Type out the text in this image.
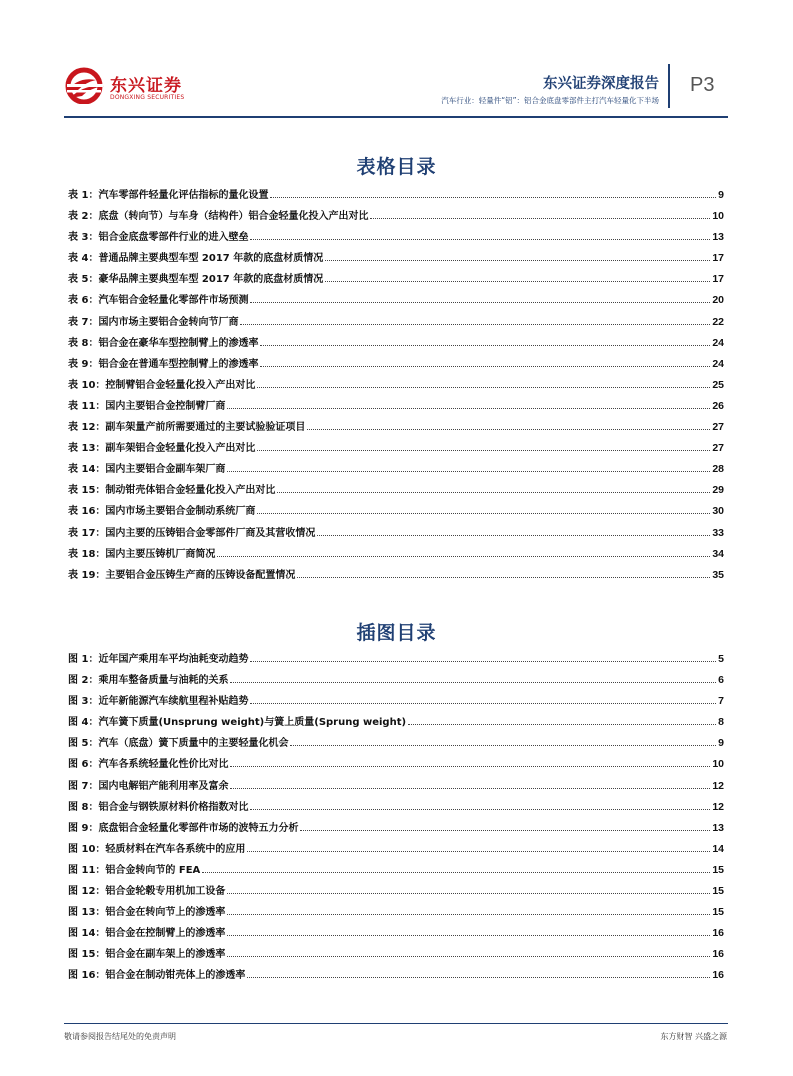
东兴证券
DONGXING SECURITIES
东兴证券深度报告
汽车行业：轻量件“铝”：铝合金底盘零部件主打汽车轻量化下半场
P3
表格目录
表 1：汽车零部件轻量化评估指标的量化设置	9
表 2：底盘（转向节）与车身（结构件）铝合金轻量化投入产出对比	10
表 3：铝合金底盘零部件行业的进入壁垒	13
表 4：普通品牌主要典型车型 2017 年款的底盘材质情况	17
表 5：豪华品牌主要典型车型 2017 年款的底盘材质情况	17
表 6：汽车铝合金轻量化零部件市场预测	20
表 7：国内市场主要铝合金转向节厂商	22
表 8：铝合金在豪华车型控制臂上的渗透率	24
表 9：铝合金在普通车型控制臂上的渗透率	24
表 10：控制臂铝合金轻量化投入产出对比	25
表 11：国内主要铝合金控制臂厂商	26
表 12：副车架量产前所需要通过的主要试验验证项目	27
表 13：副车架铝合金轻量化投入产出对比	27
表 14：国内主要铝合金副车架厂商	28
表 15：制动钳壳体铝合金轻量化投入产出对比	29
表 16：国内市场主要铝合金制动系统厂商	30
表 17：国内主要的压铸铝合金零部件厂商及其营收情况	33
表 18：国内主要压铸机厂商简况	34
表 19：主要铝合金压铸生产商的压铸设备配置情况	35
插图目录
图 1：近年国产乘用车平均油耗变动趋势	5
图 2：乘用车整备质量与油耗的关系	6
图 3：近年新能源汽车续航里程补贴趋势	7
图 4：汽车簧下质量(Unsprung weight)与簧上质量(Sprung weight)	8
图 5：汽车（底盘）簧下质量中的主要轻量化机会	9
图 6：汽车各系统轻量化性价比对比	10
图 7：国内电解铝产能利用率及富余	12
图 8：铝合金与钢铁原材料价格指数对比	12
图 9：底盘铝合金轻量化零部件市场的波特五力分析	13
图 10：轻质材料在汽车各系统中的应用	14
图 11：铝合金转向节的 FEA	15
图 12：铝合金轮毂专用机加工设备	15
图 13：铝合金在转向节上的渗透率	15
图 14：铝合金在控制臂上的渗透率	16
图 15：铝合金在副车架上的渗透率	16
图 16：铝合金在制动钳壳体上的渗透率	16
敬请参阅报告结尾处的免责声明	东方财智 兴盛之源
